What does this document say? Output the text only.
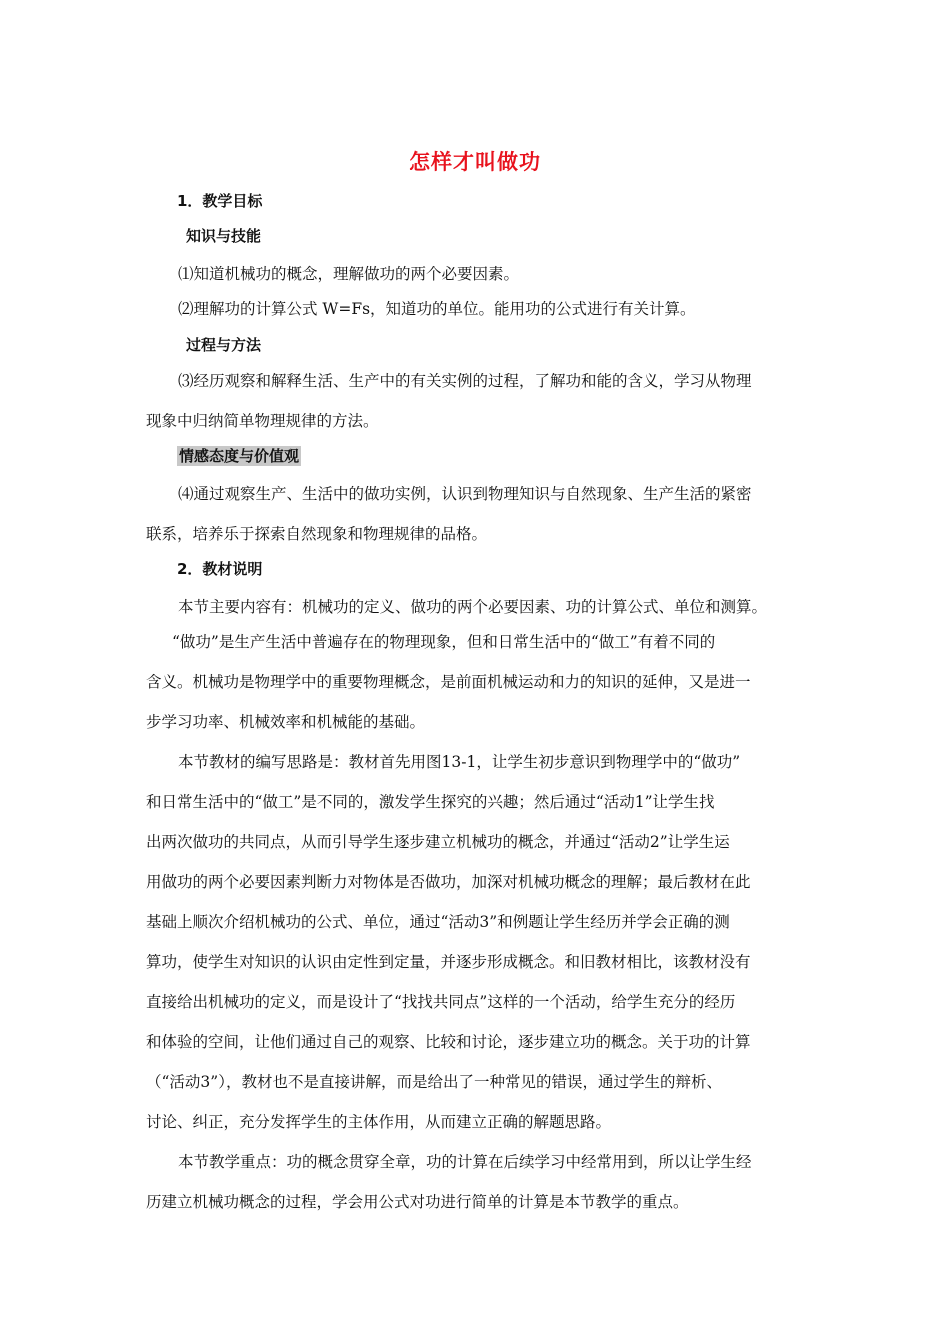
怎样才叫做功
1．教学目标
知识与技能
⑴知道机械功的概念，理解做功的两个必要因素。
⑵理解功的计算公式 W=Fs，知道功的单位。能用功的公式进行有关计算。
过程与方法
⑶经历观察和解释生活、生产中的有关实例的过程，了解功和能的含义，学习从物理
现象中归纳简单物理规律的方法。
情感态度与价值观
⑷通过观察生产、生活中的做功实例，认识到物理知识与自然现象、生产生活的紧密
联系，培养乐于探索自然现象和物理规律的品格。
2．教材说明
本节主要内容有：机械功的定义、做功的两个必要因素、功的计算公式、单位和测算。
“做功”是生产生活中普遍存在的物理现象，但和日常生活中的“做工”有着不同的
含义。机械功是物理学中的重要物理概念，是前面机械运动和力的知识的延伸，又是进一
步学习功率、机械效率和机械能的基础。
本节教材的编写思路是：教材首先用图13-1，让学生初步意识到物理学中的“做功”
和日常生活中的“做工”是不同的，激发学生探究的兴趣；然后通过“活动1”让学生找
出两次做功的共同点，从而引导学生逐步建立机械功的概念，并通过“活动2”让学生运
用做功的两个必要因素判断力对物体是否做功，加深对机械功概念的理解；最后教材在此
基础上顺次介绍机械功的公式、单位，通过“活动3”和例题让学生经历并学会正确的测
算功，使学生对知识的认识由定性到定量，并逐步形成概念。和旧教材相比，该教材没有
直接给出机械功的定义，而是设计了“找找共同点”这样的一个活动，给学生充分的经历
和体验的空间，让他们通过自己的观察、比较和讨论，逐步建立功的概念。关于功的计算
（“活动3”），教材也不是直接讲解，而是给出了一种常见的错误，通过学生的辩析、
讨论、纠正，充分发挥学生的主体作用，从而建立正确的解题思路。
本节教学重点：功的概念贯穿全章，功的计算在后续学习中经常用到，所以让学生经
历建立机械功概念的过程，学会用公式对功进行简单的计算是本节教学的重点。
